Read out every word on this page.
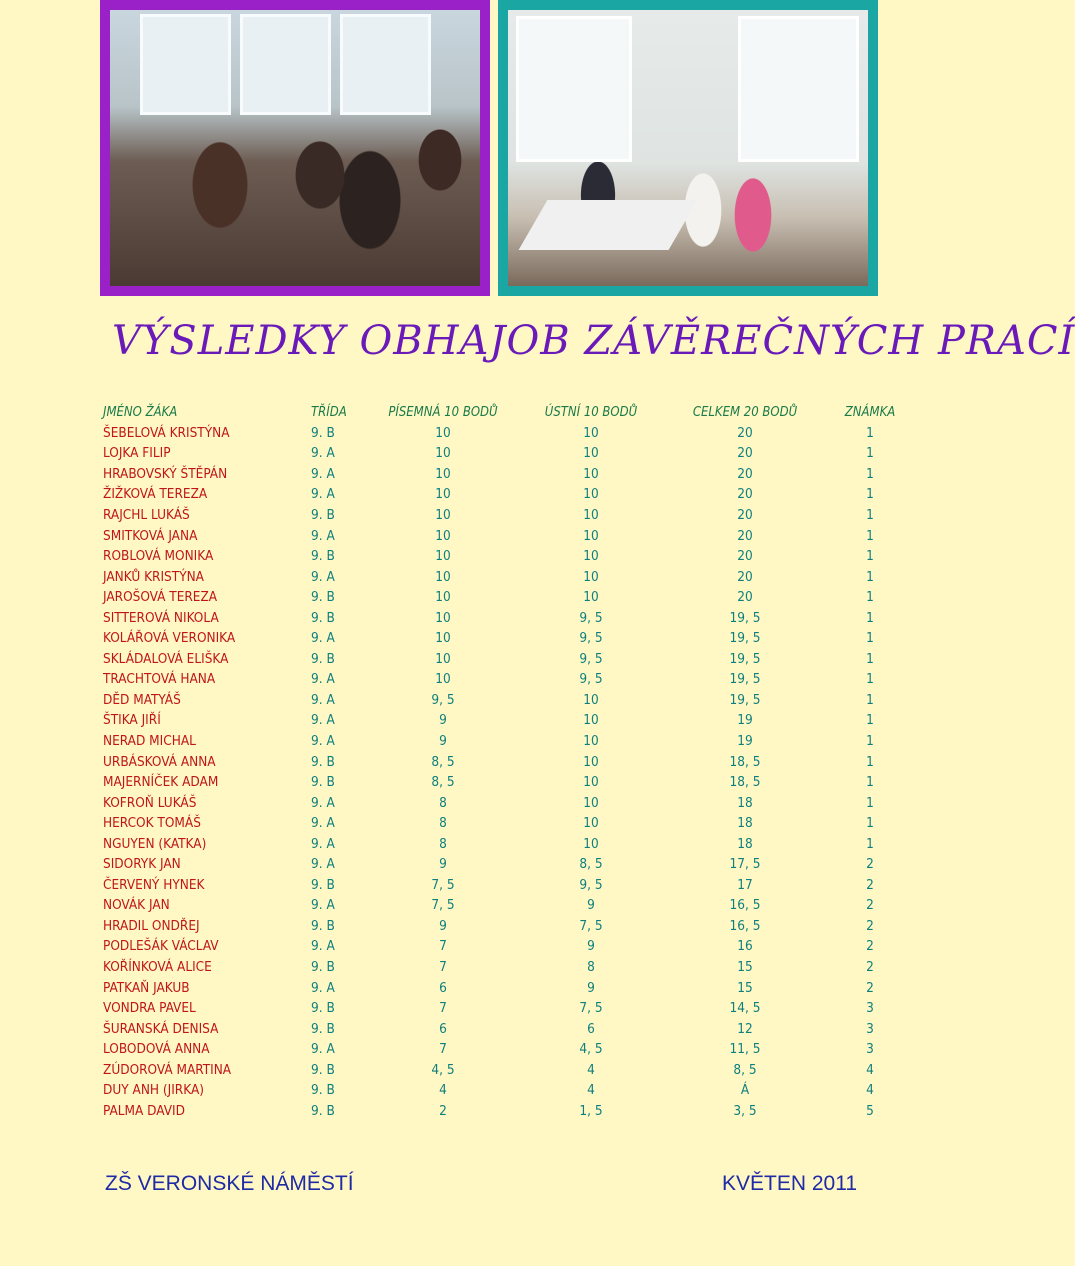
VÝSLEDKY OBHAJOB ZÁVĚREČNÝCH PRACÍ
JMÉNO ŽÁKA	TŘÍDA	PÍSEMNÁ 10 BODŮ	ÚSTNÍ 10 BODŮ	CELKEM 20 BODŮ	ZNÁMKA
ŠEBELOVÁ KRISTÝNA	9. B	10	10	20	1
LOJKA FILIP	9. A	10	10	20	1
HRABOVSKÝ ŠTĚPÁN	9. A	10	10	20	1
ŽIŽKOVÁ TEREZA	9. A	10	10	20	1
RAJCHL LUKÁŠ	9. B	10	10	20	1
SMITKOVÁ JANA	9. A	10	10	20	1
ROBLOVÁ MONIKA	9. B	10	10	20	1
JANKŮ KRISTÝNA	9. A	10	10	20	1
JAROŠOVÁ TEREZA	9. B	10	10	20	1
SITTEROVÁ NIKOLA	9. B	10	9, 5	19, 5	1
KOLÁŘOVÁ VERONIKA	9. A	10	9, 5	19, 5	1
SKLÁDALOVÁ ELIŠKA	9. B	10	9, 5	19, 5	1
TRACHTOVÁ HANA	9. A	10	9, 5	19, 5	1
DĚD MATYÁŠ	9. A	9, 5	10	19, 5	1
ŠTIKA JIŘÍ	9. A	9	10	19	1
NERAD MICHAL	9. A	9	10	19	1
URBÁSKOVÁ ANNA	9. B	8, 5	10	18, 5	1
MAJERNÍČEK ADAM	9. B	8, 5	10	18, 5	1
KOFROŇ LUKÁŠ	9. A	8	10	18	1
HERCOK TOMÁŠ	9. A	8	10	18	1
NGUYEN (KATKA)	9. A	8	10	18	1
SIDORYK JAN	9. A	9	8, 5	17, 5	2
ČERVENÝ HYNEK	9. B	7, 5	9, 5	17	2
NOVÁK JAN	9. A	7, 5	9	16, 5	2
HRADIL ONDŘEJ	9. B	9	7, 5	16, 5	2
PODLEŠÁK VÁCLAV	9. A	7	9	16	2
KOŘÍNKOVÁ ALICE	9. B	7	8	15	2
PATKAŇ JAKUB	9. A	6	9	15	2
VONDRA PAVEL	9. B	7	7, 5	14, 5	3
ŠURANSKÁ DENISA	9. B	6	6	12	3
LOBODOVÁ ANNA	9. A	7	4, 5	11, 5	3
ZÚDOROVÁ MARTINA	9. B	4, 5	4	8, 5	4
DUY ANH (JIRKA)	9. B	4	4	Á	4
PALMA DAVID	9. B	2	1, 5	3, 5	5

ZŠ VERONSKÉ NÁMĚSTÍ	KVĚTEN 2011
